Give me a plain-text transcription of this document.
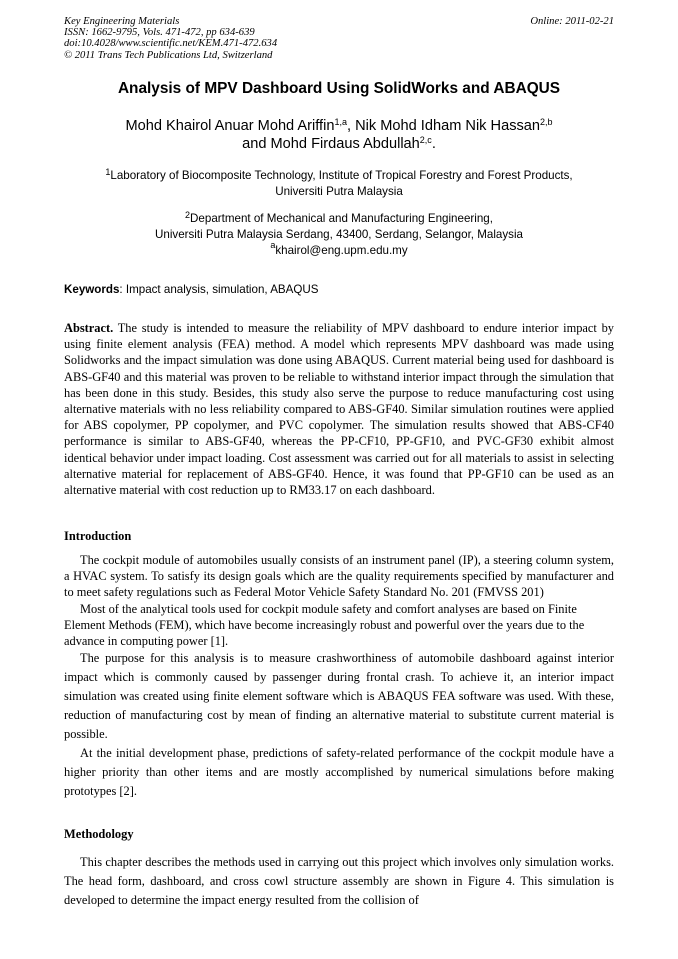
Key Engineering Materials
ISSN: 1662-9795, Vols. 471-472, pp 634-639
doi:10.4028/www.scientific.net/KEM.471-472.634
© 2011 Trans Tech Publications Ltd, Switzerland
Online: 2011-02-21
Analysis of MPV Dashboard Using SolidWorks and ABAQUS
Mohd Khairol Anuar Mohd Ariffin$^{1,a}$, Nik Mohd Idham Nik Hassan$^{2,b}$
and Mohd Firdaus Abdullah$^{2,c}$.
$^1$Laboratory of Biocomposite Technology, Institute of Tropical Forestry and Forest Products,
Universiti Putra Malaysia
$^2$Department of Mechanical and Manufacturing Engineering,
Universiti Putra Malaysia Serdang, 43400, Serdang, Selangor, Malaysia
$^a$khairol@eng.upm.edu.my
Keywords: Impact analysis, simulation, ABAQUS
Abstract. The study is intended to measure the reliability of MPV dashboard to endure interior impact by using finite element analysis (FEA) method. A model which represents MPV dashboard was made using Solidworks and the impact simulation was done using ABAQUS. Current material being used for dashboard is ABS-GF40 and this material was proven to be reliable to withstand interior impact through the simulation that has been done in this study. Besides, this study also serve the purpose to reduce manufacturing cost using alternative materials with no less reliability compared to ABS-GF40. Similar simulation routines were applied for ABS copolymer, PP copolymer, and PVC copolymer. The simulation results showed that ABS-CF40 performance is similar to ABS-GF40, whereas the PP-CF10, PP-GF10, and PVC-GF30 exhibit almost identical behavior under impact loading. Cost assessment was carried out for all materials to assist in selecting alternative material for replacement of ABS-GF40. Hence, it was found that PP-GF10 can be used as an alternative material with cost reduction up to RM33.17 on each dashboard.
Introduction

The cockpit module of automobiles usually consists of an instrument panel (IP), a steering column system, a HVAC system. To satisfy its design goals which are the quality requirements specified by manufacturer and to meet safety regulations such as Federal Motor Vehicle Safety Standard No. 201 (FMVSS 201)

Most of the analytical tools used for cockpit module safety and comfort analyses are based on Finite Element Methods (FEM), which have become increasingly robust and powerful over the years due to the advance in computing power [1].

The purpose for this analysis is to measure crashworthiness of automobile dashboard against interior impact which is commonly caused by passenger during frontal crash. To achieve it, an interior impact simulation was created using finite element software which is ABAQUS FEA software was used. With these, reduction of manufacturing cost by mean of finding an alternative material to substitute current material is possible.

At the initial development phase, predictions of safety-related performance of the cockpit module have a higher priority than other items and are mostly accomplished by numerical simulations before making prototypes [2].

Methodology

This chapter describes the methods used in carrying out this project which involves only simulation works. The head form, dashboard, and cross cowl structure assembly are shown in Figure 4. This simulation is developed to determine the impact energy resulted from the collision of
